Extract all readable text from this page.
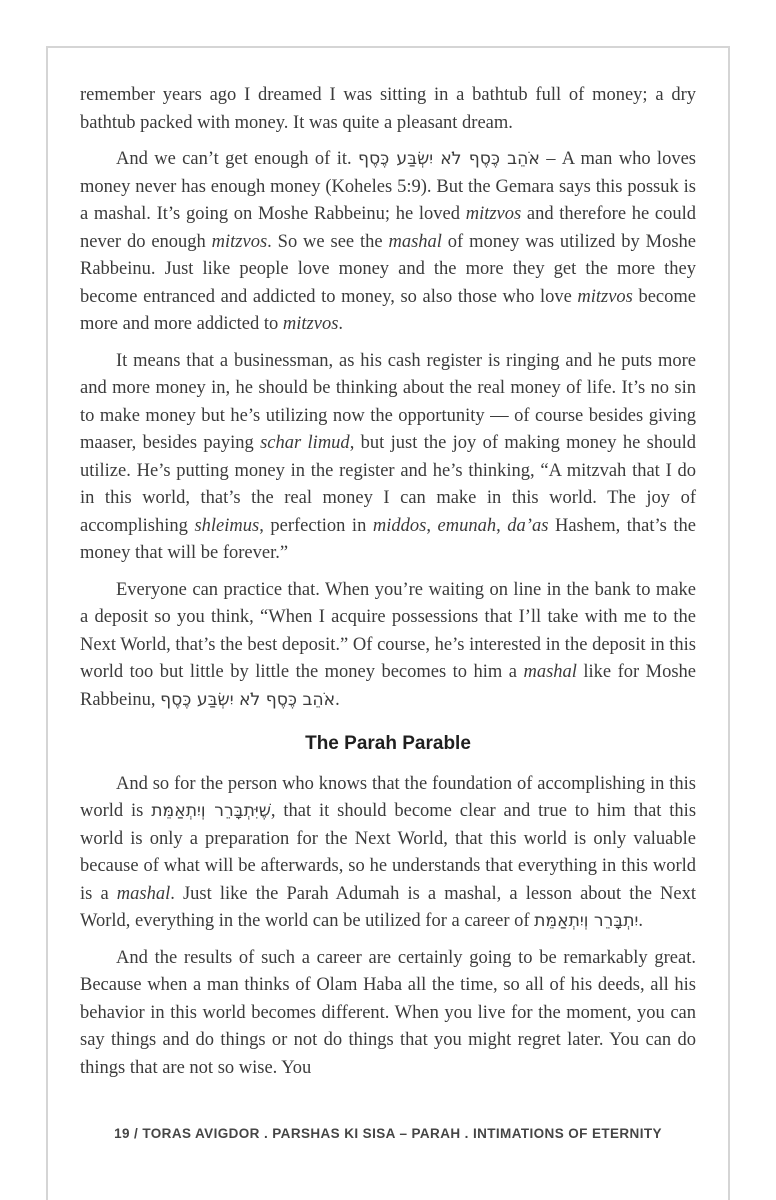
remember years ago I dreamed I was sitting in a bathtub full of money; a dry bathtub packed with money. It was quite a pleasant dream.

And we can’t get enough of it. אֹהֵב כֶּסֶף לֹא יִשְׂבַּע כֶּסֶף – A man who loves money never has enough money (Koheles 5:9). But the Gemara says this possuk is a mashal. It’s going on Moshe Rabbeinu; he loved mitzvos and therefore he could never do enough mitzvos. So we see the mashal of money was utilized by Moshe Rabbeinu. Just like people love money and the more they get the more they become entranced and addicted to money, so also those who love mitzvos become more and more addicted to mitzvos.

It means that a businessman, as his cash register is ringing and he puts more and more money in, he should be thinking about the real money of life. It’s no sin to make money but he’s utilizing now the opportunity — of course besides giving maaser, besides paying schar limud, but just the joy of making money he should utilize. He’s putting money in the register and he’s thinking, “A mitzvah that I do in this world, that’s the real money I can make in this world. The joy of accomplishing shleimus, perfection in middos, emunah, da’as Hashem, that’s the money that will be forever.”

Everyone can practice that. When you’re waiting on line in the bank to make a deposit so you think, “When I acquire possessions that I’ll take with me to the Next World, that’s the best deposit.” Of course, he’s interested in the deposit in this world too but little by little the money becomes to him a mashal like for Moshe Rabbeinu, אֹהֵב כֶּסֶף לֹא יִשְׂבַּע כֶּסֶף.

The Parah Parable

And so for the person who knows that the foundation of accomplishing in this world is שֶׁיִּתְבָּרֵר וְיִתְאַמֵּת, that it should become clear and true to him that this world is only a preparation for the Next World, that this world is only valuable because of what will be afterwards, so he understands that everything in this world is a mashal. Just like the Parah Adumah is a mashal, a lesson about the Next World, everything in the world can be utilized for a career of יִתְבָּרֵר וְיִתְאַמֵּת.

And the results of such a career are certainly going to be remarkably great. Because when a man thinks of Olam Haba all the time, so all of his deeds, all his behavior in this world becomes different. When you live for the moment, you can say things and do things or not do things that you might regret later. You can do things that are not so wise. You

19 / TORAS AVIGDOR . PARSHAS KI SISA – PARAH . INTIMATIONS OF ETERNITY
